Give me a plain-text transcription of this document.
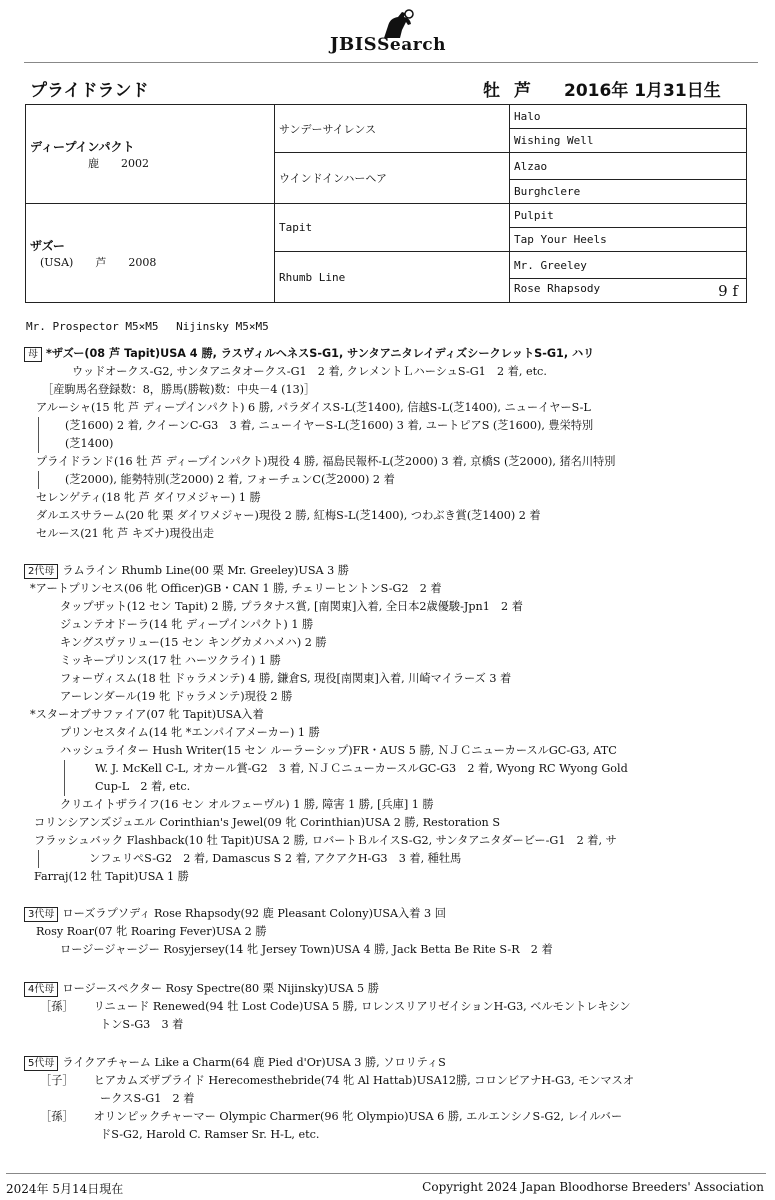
JBISSearch
プライドランド	牡 芦 2016年 1月31日生
ディープインパクト
鹿　　2002	サンデーサイレンス	Halo
		Wishing Well
	ウインドインハーヘア	Alzao
		Burghclere

ザズー
(USA)　　芦　　2008	Tapit	Pulpit
		Tap Your Heels
	Rhumb Line	Mr. Greeley
		Rose Rhapsody 9 f
Mr. Prospector M5×M5　 Nijinsky M5×M5
母 *ザズー(08 芦 Tapit)USA 4 勝, ラスヴィルヘネスS-G1, サンタアニタレイディズシークレットS-G1, ハリ
ウッドオークス-G2, サンタアニタオークス-G1　2 着, クレメントＬハーシュS-G1　2 着, etc.
［産駒馬名登録数：8，勝馬(勝鞍)数：中央－4 (13)］
アルーシャ(15 牝 芦 ディープインパクト) 6 勝, パラダイスS-L(芝1400), 信越S-L(芝1400), ニューイヤーS-L
(芝1600) 2 着, クイーンC-G3　3 着, ニューイヤーS-L(芝1600) 3 着, ユートピアS (芝1600), 豊栄特別
(芝1400)
プライドランド(16 牡 芦 ディープインパクト)現役 4 勝, 福島民報杯-L(芝2000) 3 着, 京橋S (芝2000), 猪名川特別
(芝2000), 能勢特別(芝2000) 2 着, フォーチュンC(芝2000) 2 着
セレンゲティ(18 牝 芦 ダイワメジャー) 1 勝
ダルエスサラーム(20 牝 栗 ダイワメジャー)現役 2 勝, 紅梅S-L(芝1400), つわぶき賞(芝1400) 2 着
セルース(21 牝 芦 キズナ)現役出走
2代母 ラムライン Rhumb Line(00 栗 Mr. Greeley)USA 3 勝
*アートプリンセス(06 牝 Officer)GB・CAN 1 勝, チェリーヒントンS-G2　2 着
タップザット(12 セン Tapit) 2 勝, プラタナス賞, [南関東]入着, 全日本2歳優駿-Jpn1　2 着
ジュンテオドーラ(14 牝 ディープインパクト) 1 勝
キングスヴァリュー(15 セン キングカメハメハ) 2 勝
ミッキープリンス(17 牡 ハーツクライ) 1 勝
フォーヴィスム(18 牡 ドゥラメンテ) 4 勝, 鎌倉S, 現役[南関東]入着, 川崎マイラーズ 3 着
アーレンダール(19 牝 ドゥラメンテ)現役 2 勝
*スターオブサファイア(07 牝 Tapit)USA入着
プリンセスタイム(14 牝 *エンパイアメーカー) 1 勝
ハッシュライター Hush Writer(15 セン ルーラーシップ)FR・AUS 5 勝, ＮＪＣニューカースルGC-G3, ATC
W. J. McKell C-L, オカール賞-G2　3 着, ＮＪＣニューカースルGC-G3　2 着, Wyong RC Wyong Gold
Cup-L　2 着, etc.
クリエイトザライフ(16 セン オルフェーヴル) 1 勝, 障害 1 勝, [兵庫] 1 勝
コリンシアンズジュエル Corinthian's Jewel(09 牝 Corinthian)USA 2 勝, Restoration S
フラッシュバック Flashback(10 牡 Tapit)USA 2 勝, ロバートＢルイスS-G2, サンタアニタダービー-G1　2 着, サ
ンフェリペS-G2　2 着, Damascus S 2 着, アクアクH-G3　3 着, 種牡馬
Farraj(12 牡 Tapit)USA 1 勝
3代母 ローズラプソディ Rose Rhapsody(92 鹿 Pleasant Colony)USA入着 3 回
Rosy Roar(07 牝 Roaring Fever)USA 2 勝
ロージージャージー Rosyjersey(14 牝 Jersey Town)USA 4 勝, Jack Betta Be Rite S-R　2 着
4代母 ロージースペクター Rosy Spectre(80 栗 Nijinsky)USA 5 勝
［孫］ リニュード Renewed(94 牡 Lost Code)USA 5 勝, ロレンスリアリゼイションH-G3, ベルモントレキシン
トンS-G3　3 着
5代母 ライクアチャーム Like a Charm(64 鹿 Pied d'Or)USA 3 勝, ソロリティS
［子］ ヒアカムズザブライド Herecomesthebride(74 牝 Al Hattab)USA12勝, コロンビアナH-G3, モンマスオ
ークスS-G1　2 着
［孫］ オリンピックチャーマー Olympic Charmer(96 牝 Olympio)USA 6 勝, エルエンシノS-G2, レイルバー
ドS-G2, Harold C. Ramser Sr. H-L, etc.
2024年 5月14日現在	Copyright 2024 Japan Bloodhorse Breeders' Association
